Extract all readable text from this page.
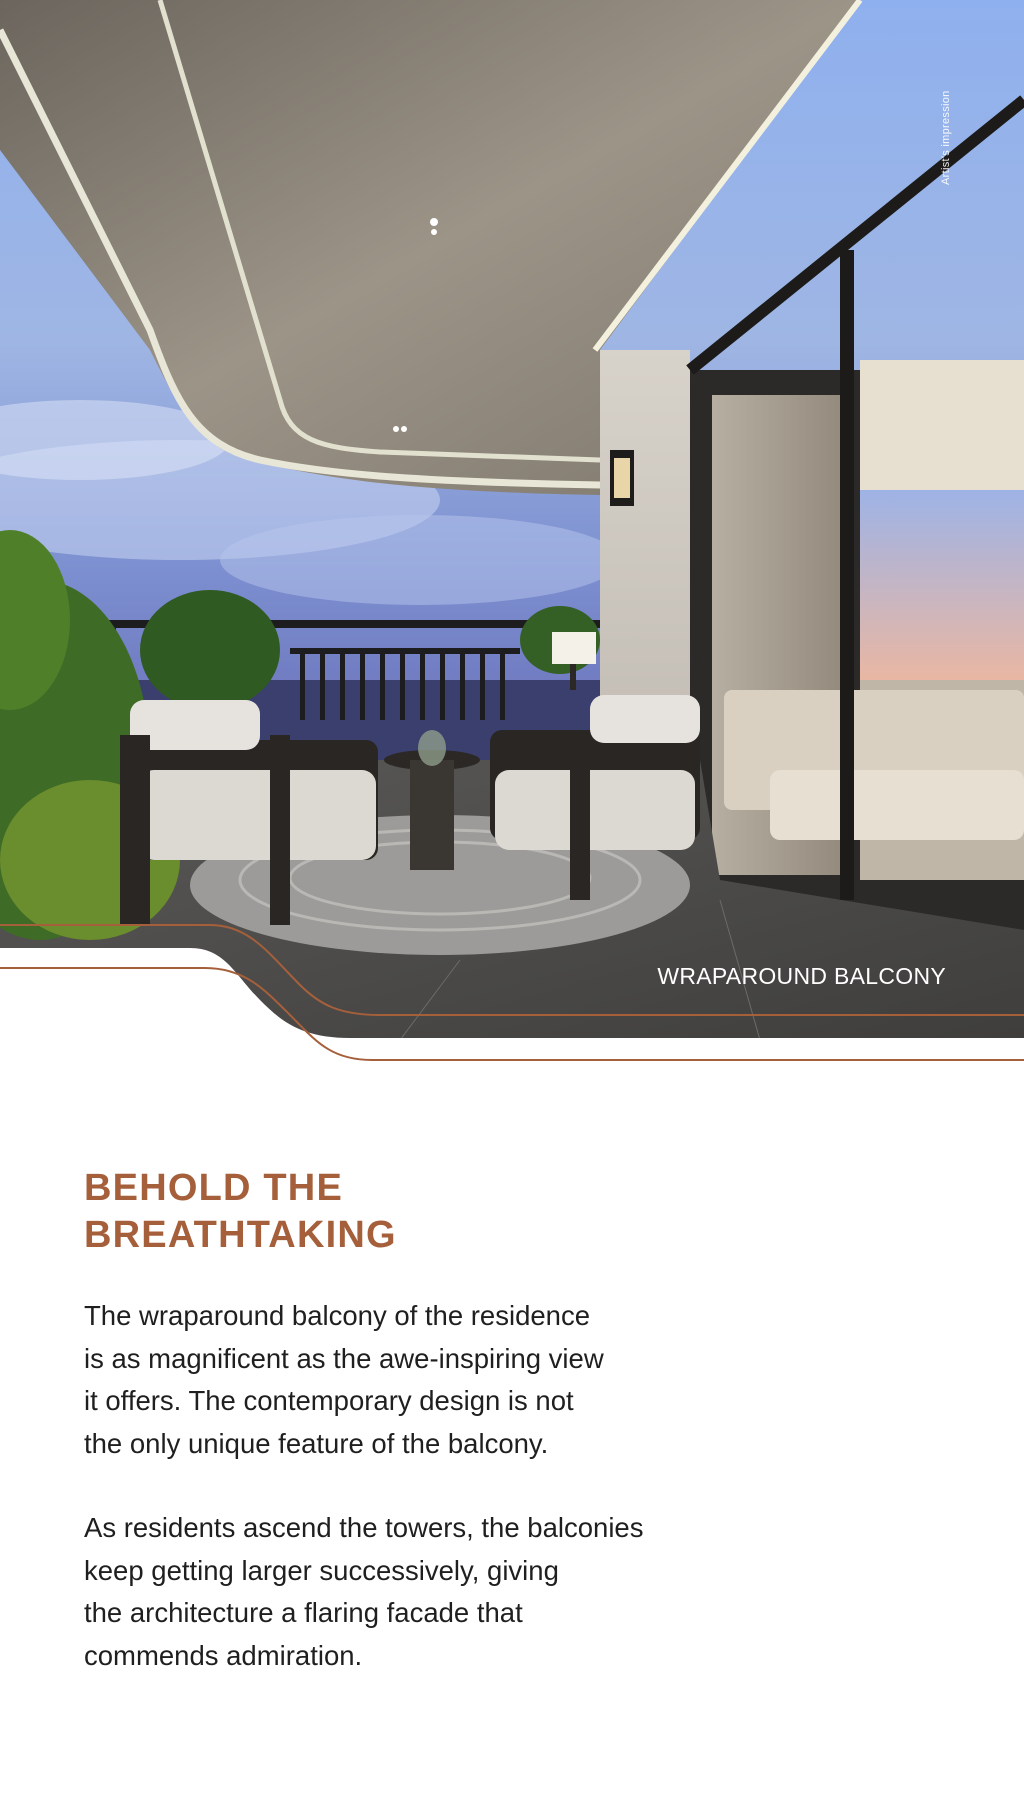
Artist's impression
WRAPAROUND BALCONY
BEHOLD THE
BREATHTAKING

The wraparound balcony of the residence
is as magnificent as the awe-inspiring view
it offers. The contemporary design is not
the only unique feature of the balcony.

As residents ascend the towers, the balconies
keep getting larger successively, giving
the architecture a flaring facade that
commends admiration.
